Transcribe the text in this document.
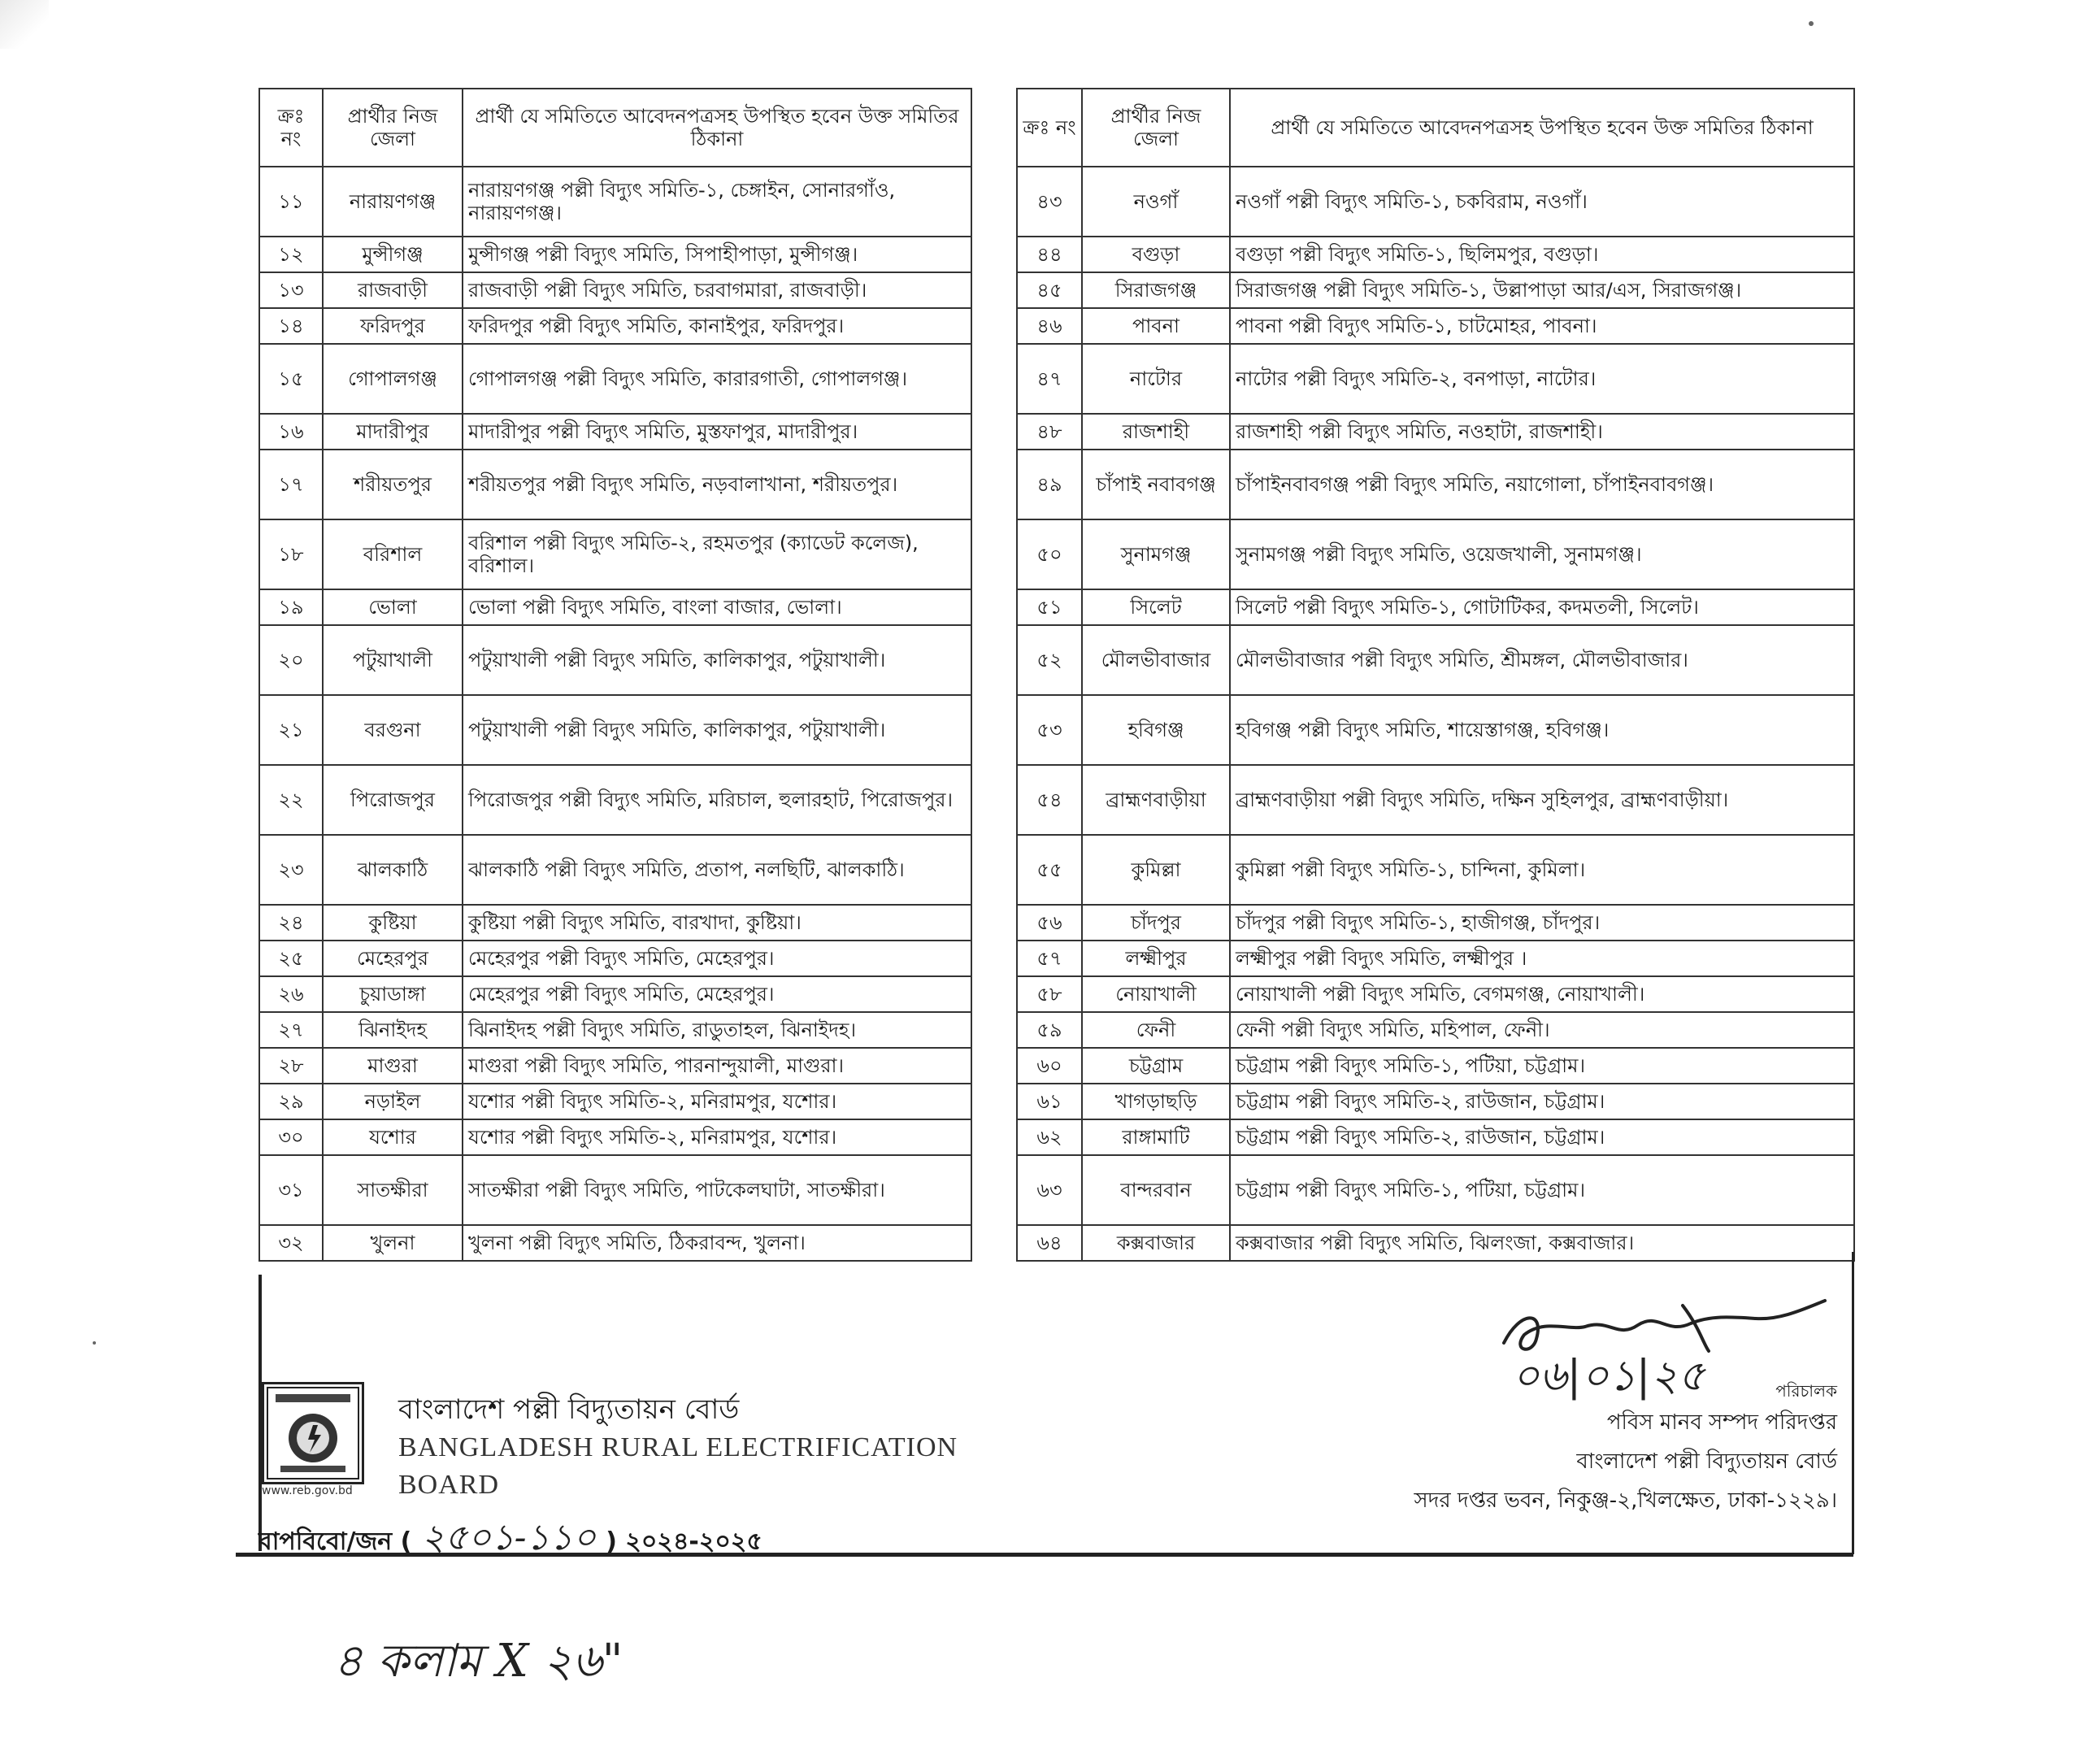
ক্রঃ নং	প্রার্থীর নিজ জেলা	প্রার্থী যে সমিতিতে আবেদনপত্রসহ উপস্থিত হবেন উক্ত সমিতির ঠিকানা
১১	নারায়ণগঞ্জ	নারায়ণগঞ্জ পল্লী বিদ্যুৎ সমিতি-১, চেঙ্গাইন, সোনারগাঁও, নারায়ণগঞ্জ।
১২	মুন্সীগঞ্জ	মুন্সীগঞ্জ পল্লী বিদ্যুৎ সমিতি, সিপাহীপাড়া, মুন্সীগঞ্জ।
১৩	রাজবাড়ী	রাজবাড়ী পল্লী বিদ্যুৎ সমিতি, চরবাগমারা, রাজবাড়ী।
১৪	ফরিদপুর	ফরিদপুর পল্লী বিদ্যুৎ সমিতি, কানাইপুর, ফরিদপুর।
১৫	গোপালগঞ্জ	গোপালগঞ্জ পল্লী বিদ্যুৎ সমিতি, কারারগাতী, গোপালগঞ্জ।
১৬	মাদারীপুর	মাদারীপুর পল্লী বিদ্যুৎ সমিতি, মুস্তফাপুর, মাদারীপুর।
১৭	শরীয়তপুর	শরীয়তপুর পল্লী বিদ্যুৎ সমিতি, নড়বালাখানা, শরীয়তপুর।
১৮	বরিশাল	বরিশাল পল্লী বিদ্যুৎ সমিতি-২, রহমতপুর (ক্যাডেট কলেজ), বরিশাল।
১৯	ভোলা	ভোলা পল্লী বিদ্যুৎ সমিতি, বাংলা বাজার, ভোলা।
২০	পটুয়াখালী	পটুয়াখালী পল্লী বিদ্যুৎ সমিতি, কালিকাপুর, পটুয়াখালী।
২১	বরগুনা	পটুয়াখালী পল্লী বিদ্যুৎ সমিতি, কালিকাপুর, পটুয়াখালী।
২২	পিরোজপুর	পিরোজপুর পল্লী বিদ্যুৎ সমিতি, মরিচাল, হুলারহাট, পিরোজপুর।
২৩	ঝালকাঠি	ঝালকাঠি পল্লী বিদ্যুৎ সমিতি, প্রতাপ, নলছিটি, ঝালকাঠি।
২৪	কুষ্টিয়া	কুষ্টিয়া পল্লী বিদ্যুৎ সমিতি, বারখাদা, কুষ্টিয়া।
২৫	মেহেরপুর	মেহেরপুর পল্লী বিদ্যুৎ সমিতি, মেহেরপুর।
২৬	চুয়াডাঙ্গা	মেহেরপুর পল্লী বিদ্যুৎ সমিতি, মেহেরপুর।
২৭	ঝিনাইদহ	ঝিনাইদহ পল্লী বিদ্যুৎ সমিতি, রাডুতাহল, ঝিনাইদহ।
২৮	মাগুরা	মাগুরা পল্লী বিদ্যুৎ সমিতি, পারনান্দুয়ালী, মাগুরা।
২৯	নড়াইল	যশোর পল্লী বিদ্যুৎ সমিতি-২, মনিরামপুর, যশোর।
৩০	যশোর	যশোর পল্লী বিদ্যুৎ সমিতি-২, মনিরামপুর, যশোর।
৩১	সাতক্ষীরা	সাতক্ষীরা পল্লী বিদ্যুৎ সমিতি, পাটকেলঘাটা, সাতক্ষীরা।
৩২	খুলনা	খুলনা পল্লী বিদ্যুৎ সমিতি, ঠিকরাবন্দ, খুলনা।
ক্রঃ নং	প্রার্থীর নিজ জেলা	প্রার্থী যে সমিতিতে আবেদনপত্রসহ উপস্থিত হবেন উক্ত সমিতির ঠিকানা
৪৩	নওগাঁ	নওগাঁ পল্লী বিদ্যুৎ সমিতি-১, চকবিরাম, নওগাঁ।
৪৪	বগুড়া	বগুড়া পল্লী বিদ্যুৎ সমিতি-১, ছিলিমপুর, বগুড়া।
৪৫	সিরাজগঞ্জ	সিরাজগঞ্জ পল্লী বিদ্যুৎ সমিতি-১, উল্লাপাড়া আর/এস, সিরাজগঞ্জ।
৪৬	পাবনা	পাবনা পল্লী বিদ্যুৎ সমিতি-১, চাটমোহর, পাবনা।
৪৭	নাটোর	নাটোর পল্লী বিদ্যুৎ সমিতি-২, বনপাড়া, নাটোর।
৪৮	রাজশাহী	রাজশাহী পল্লী বিদ্যুৎ সমিতি, নওহাটা, রাজশাহী।
৪৯	চাঁপাই নবাবগঞ্জ	চাঁপাইনবাবগঞ্জ পল্লী বিদ্যুৎ সমিতি, নয়াগোলা, চাঁপাইনবাবগঞ্জ।
৫০	সুনামগঞ্জ	সুনামগঞ্জ পল্লী বিদ্যুৎ সমিতি, ওয়েজখালী, সুনামগঞ্জ।
৫১	সিলেট	সিলেট পল্লী বিদ্যুৎ সমিতি-১, গোটাটিকর, কদমতলী, সিলেট।
৫২	মৌলভীবাজার	মৌলভীবাজার পল্লী বিদ্যুৎ সমিতি, শ্রীমঙ্গল, মৌলভীবাজার।
৫৩	হবিগঞ্জ	হবিগঞ্জ পল্লী বিদ্যুৎ সমিতি, শায়েস্তাগঞ্জ, হবিগঞ্জ।
৫৪	ব্রাহ্মণবাড়ীয়া	ব্রাহ্মণবাড়ীয়া পল্লী বিদ্যুৎ সমিতি, দক্ষিন সুহিলপুর, ব্রাহ্মণবাড়ীয়া।
৫৫	কুমিল্লা	কুমিল্লা পল্লী বিদ্যুৎ সমিতি-১, চান্দিনা, কুমিলা।
৫৬	চাঁদপুর	চাঁদপুর পল্লী বিদ্যুৎ সমিতি-১, হাজীগঞ্জ, চাঁদপুর।
৫৭	লক্ষ্মীপুর	লক্ষ্মীপুর পল্লী বিদ্যুৎ সমিতি, লক্ষ্মীপুর ।
৫৮	নোয়াখালী	নোয়াখালী পল্লী বিদ্যুৎ সমিতি, বেগমগঞ্জ, নোয়াখালী।
৫৯	ফেনী	ফেনী পল্লী বিদ্যুৎ সমিতি, মহিপাল, ফেনী।
৬০	চট্টগ্রাম	চট্টগ্রাম পল্লী বিদ্যুৎ সমিতি-১, পটিয়া, চট্টগ্রাম।
৬১	খাগড়াছড়ি	চট্টগ্রাম পল্লী বিদ্যুৎ সমিতি-২, রাউজান, চট্টগ্রাম।
৬২	রাঙ্গামাটি	চট্টগ্রাম পল্লী বিদ্যুৎ সমিতি-২, রাউজান, চট্টগ্রাম।
৬৩	বান্দরবান	চট্টগ্রাম পল্লী বিদ্যুৎ সমিতি-১, পটিয়া, চট্টগ্রাম।
৬৪	কক্সবাজার	কক্সবাজার পল্লী বিদ্যুৎ সমিতি, ঝিলংজা, কক্সবাজার।
www.reb.gov.bd
বাংলাদেশ পল্লী বিদ্যুতায়ন বোর্ড
BANGLADESH RURAL ELECTRIFICATION BOARD
বাপবিবো/জন ( ২৫০১-১১০ ) ২০২৪-২০২৫
০৬|০১|২৫	পরিচালক
পবিস মানব সম্পদ পরিদপ্তর
বাংলাদেশ পল্লী বিদ্যুতায়ন বোর্ড
সদর দপ্তর ভবন, নিকুঞ্জ-২,খিলক্ষেত, ঢাকা-১২২৯।
৪ কলাম X ২৬"
